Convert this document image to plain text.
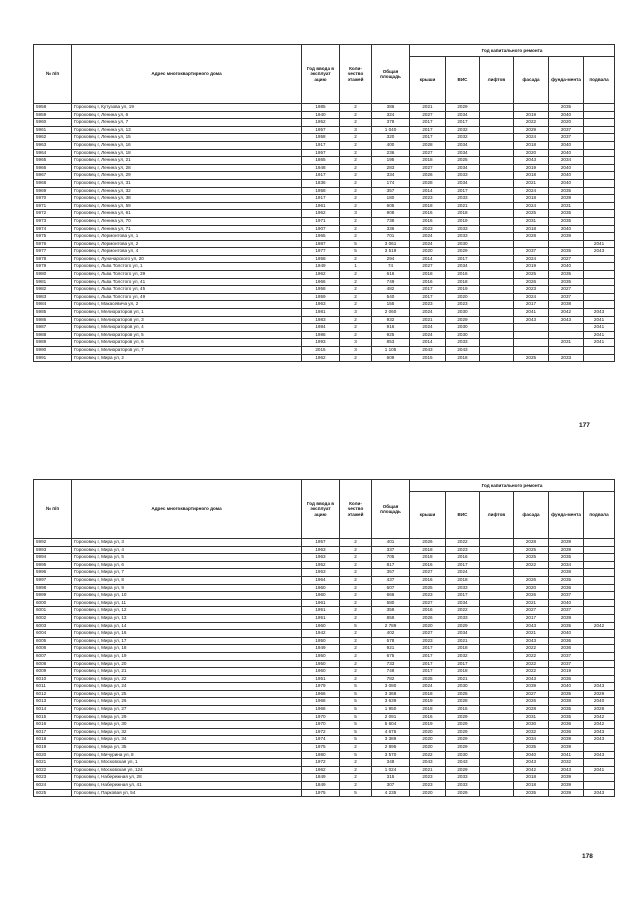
№ п/п	Адрес многоквартирного дома	Год ввода в эксплуат ацию	Коли-чество этажей	Общая площадь	Год капитального ремонта					
					крыши	ВИС	лифтов	фасада	фунда-мента	подвала
5958	Гороховец г, Кутузова ул, 19	1985	2	386	2021	2029			2035	
5959	Гороховец г, Ленина ул, 6	1940	2	324	2027	2034		2019	2040	
5960	Гороховец г, Ленина ул, 7	1952	2	378	2017	2017		2022	2020	
5961	Гороховец г, Ленина ул, 13	1957	3	1 040	2017	2032		2029	2037	
5962	Гороховец г, Ленина ул, 15	1958	2	320	2017	2032		2024	2037	
5963	Гороховец г, Ленина ул, 16	1917	2	400	2028	2034		2018	2040	
5964	Гороховец г, Ленина ул, 18	1957	2	236	2027	2034		2020	2040	
5965	Гороховец г, Ленина ул, 21	1865	2	195	2018	2025		2043	2034	
5966	Гороховец г, Ленина ул, 28	1948	2	283	2027	2034		2019	2040	
5967	Гороховец г, Ленина ул, 29	1917	2	334	2026	2033		2018	2040	
5968	Гороховец г, Ленина ул, 31	1836	2	174	2028	2034		2021	2040	
5969	Гороховец г, Ленина ул, 32	1958	2	357	2014	2017		2024	2035	
5970	Гороховец г, Ленина ул, 38	1917	2	180	2023	2033		2018	2039	
5971	Гороховец г, Ленина ул, 59	1961	2	605	2018	2021		2024	2031	
5972	Гороховец г, Ленина ул, 61	1962	3	908	2016	2018		2025	2035	
5973	Гороховец г, Ленина ул, 70	1971	2	738	2016	2019		2031	2035	
5974	Гороховец г, Ленина ул, 71	1907	2	336	2023	2033		2018	2040	
5975	Гороховец г, Лермонтова ул, 1	1965	2	701	2024	2033		2028	2039	
5976	Гороховец г, Лермонтова ул, 2	1987	5	3 061	2024	2030				2041
5977	Гороховец г, Лермонтова ул, 4	1977	5	3 519	2020	2029		2037	2035	2043
5978	Гороховец г, Луначарского ул, 20	1958	2	294	2014	2017		2024	2027	
5979	Гороховец г, Льва Толстого ул, 1	1949	1	74	2027	2034		2019	2040	
5980	Гороховец г, Льва Толстого ул, 39	1962	2	616	2018	2016		2025	2035	
5981	Гороховец г, Льва Толстого ул, 41	1966	2	749	2016	2018		2026	2035	
5982	Гороховец г, Льва Толстого ул, 45	1958	2	482	2017	2019		2023	2027	
5983	Гороховец г, Льва Толстого ул, 49	1959	2	540	2017	2020		2024	2037	
5984	Гороховец г, Макасевича ул, 2	1963	2	155	2023	2023		2017	2038	
5985	Гороховец г, Мелиораторов ул, 1	1981	3	2 060	2024	2030		2041	2042	2043
5986	Гороховец г, Мелиораторов ул, 3	1983	2	932	2021	2029		2043	2043	2041
5987	Гороховец г, Мелиораторов ул, 4	1984	2	916	2024	2030				2041
5988	Гороховец г, Мелиораторов ул, 5	1986	2	925	2024	2030				2041
5989	Гороховец г, Мелиораторов ул, 6	1993	3	853	2014	2033			2031	2041
5990	Гороховец г, Мелиораторов ул, 7	2015	3	1 105	2043	2043				
5991	Гороховец г, Мира ул, 2	1962	2	609	2015	2018		2025	2033	
177
№ п/п	Адрес многоквартирного дома	Год ввода в эксплуат ацию	Коли-чество этажей	Общая площадь	Год капитального ремонта					
					крыши	ВИС	лифтов	фасада	фунда-мента	подвала
5992	Гороховец г, Мира ул, 3	1957	2	401	2026	2022		2028	2039	
5993	Гороховец г, Мира ул, 4	1963	2	337	2018	2023		2025	2039	
5994	Гороховец г, Мира ул, 5	1963	2	705	2018	2016		2025	2035	
5995	Гороховец г, Мира ул, 6	1952	2	817	2016	2017		2022	2034	
5996	Гороховец г, Мира ул, 7	1953	2	357	2027	2024			2038	
5997	Гороховец г, Мира ул, 8	1964	2	437	2016	2018		2026	2035	
5998	Гороховец г, Мира ул, 9	1960	2	607	2025	2033		2020	2036	
5999	Гороховец г, Мира ул, 10	1960	2	666	2023	2017		2026	2037	
6000	Гороховец г, Мира ул, 11	1961	2	580	2027	2034		2021	2040	
6001	Гороховец г, Мира ул, 12	1951	2	359	2016	2022		2027	2037	
6002	Гороховец г, Мира ул, 13	1951	2	859	2026	2033		2017	2039	
6003	Гороховец г, Мира ул, 14	1960	5	2 789	2020	2029		2043	2035	2042
6004	Гороховец г, Мира ул, 16	1942	2	402	2027	2034		2021	2040	
6005	Гороховец г, Мира ул, 17	1950	2	578	2023	2021		2043	2036	
6006	Гороховец г, Мира ул, 18	1949	2	921	2017	2018		2022	2036	
6007	Гороховец г, Мира ул, 19	1950	2	675	2017	2032		2022	2037	
6008	Гороховец г, Мира ул, 20	1950	2	733	2017	2017		2022	2037	
6009	Гороховец г, Мира ул, 21	1960	2	748	2017	2018		2022	2019	
6010	Гороховец г, Мира ул, 22	1951	2	782	2025	2021		2043	2036	
6011	Гороховец г, Мира ул, 24	1979	5	3 080	2024	2030		2039	2040	2043
6012	Гороховец г, Мира ул, 25	1966	5	3 368	2018	2025		2027	2035	2029
6013	Гороховец г, Мира ул, 26	1968	5	3 639	2019	2028		2026	2038	2040
6014	Гороховец г, Мира ул, 27	1968	5	1 950	2018	2015		2028	2035	2028
6015	Гороховец г, Мира ул, 29	1970	5	2 091	2016	2029		2031	2035	2042
6016	Гороховец г, Мира ул, 30	1970	5	5 604	2019	2029		2030	2036	2042
6017	Гороховец г, Мира ул, 32	1972	5	4 675	2020	2029		2032	2036	2043
6018	Гороховец г, Мира ул, 34	1974	5	3 389	2020	2029		2034	2039	2043
6019	Гороховец г, Мира ул, 35	1975	2	2 895	2020	2029		2035	2039	
6020	Гороховец г, Мичурина ул, 8	1980	5	3 570	2022	2030		2040	2041	2043
6021	Гороховец г, Московская ул, 1	1972	2	348	2043	2043		2043	2032	
6022	Гороховец г, Московская ул, 124	1962	2	1 024	2021	2029		2042	2043	2041
6023	Гороховец г, Набережная ул, 28	1849	2	315	2023	2033		2018	2039	
6024	Гороховец г, Набережная ул, 41	1849	2	307	2023	2033		2018	2039	
6025	Гороховец г, Парковая ул, 54	1975	5	4 235	2020	2029		2035	2039	2043
178
